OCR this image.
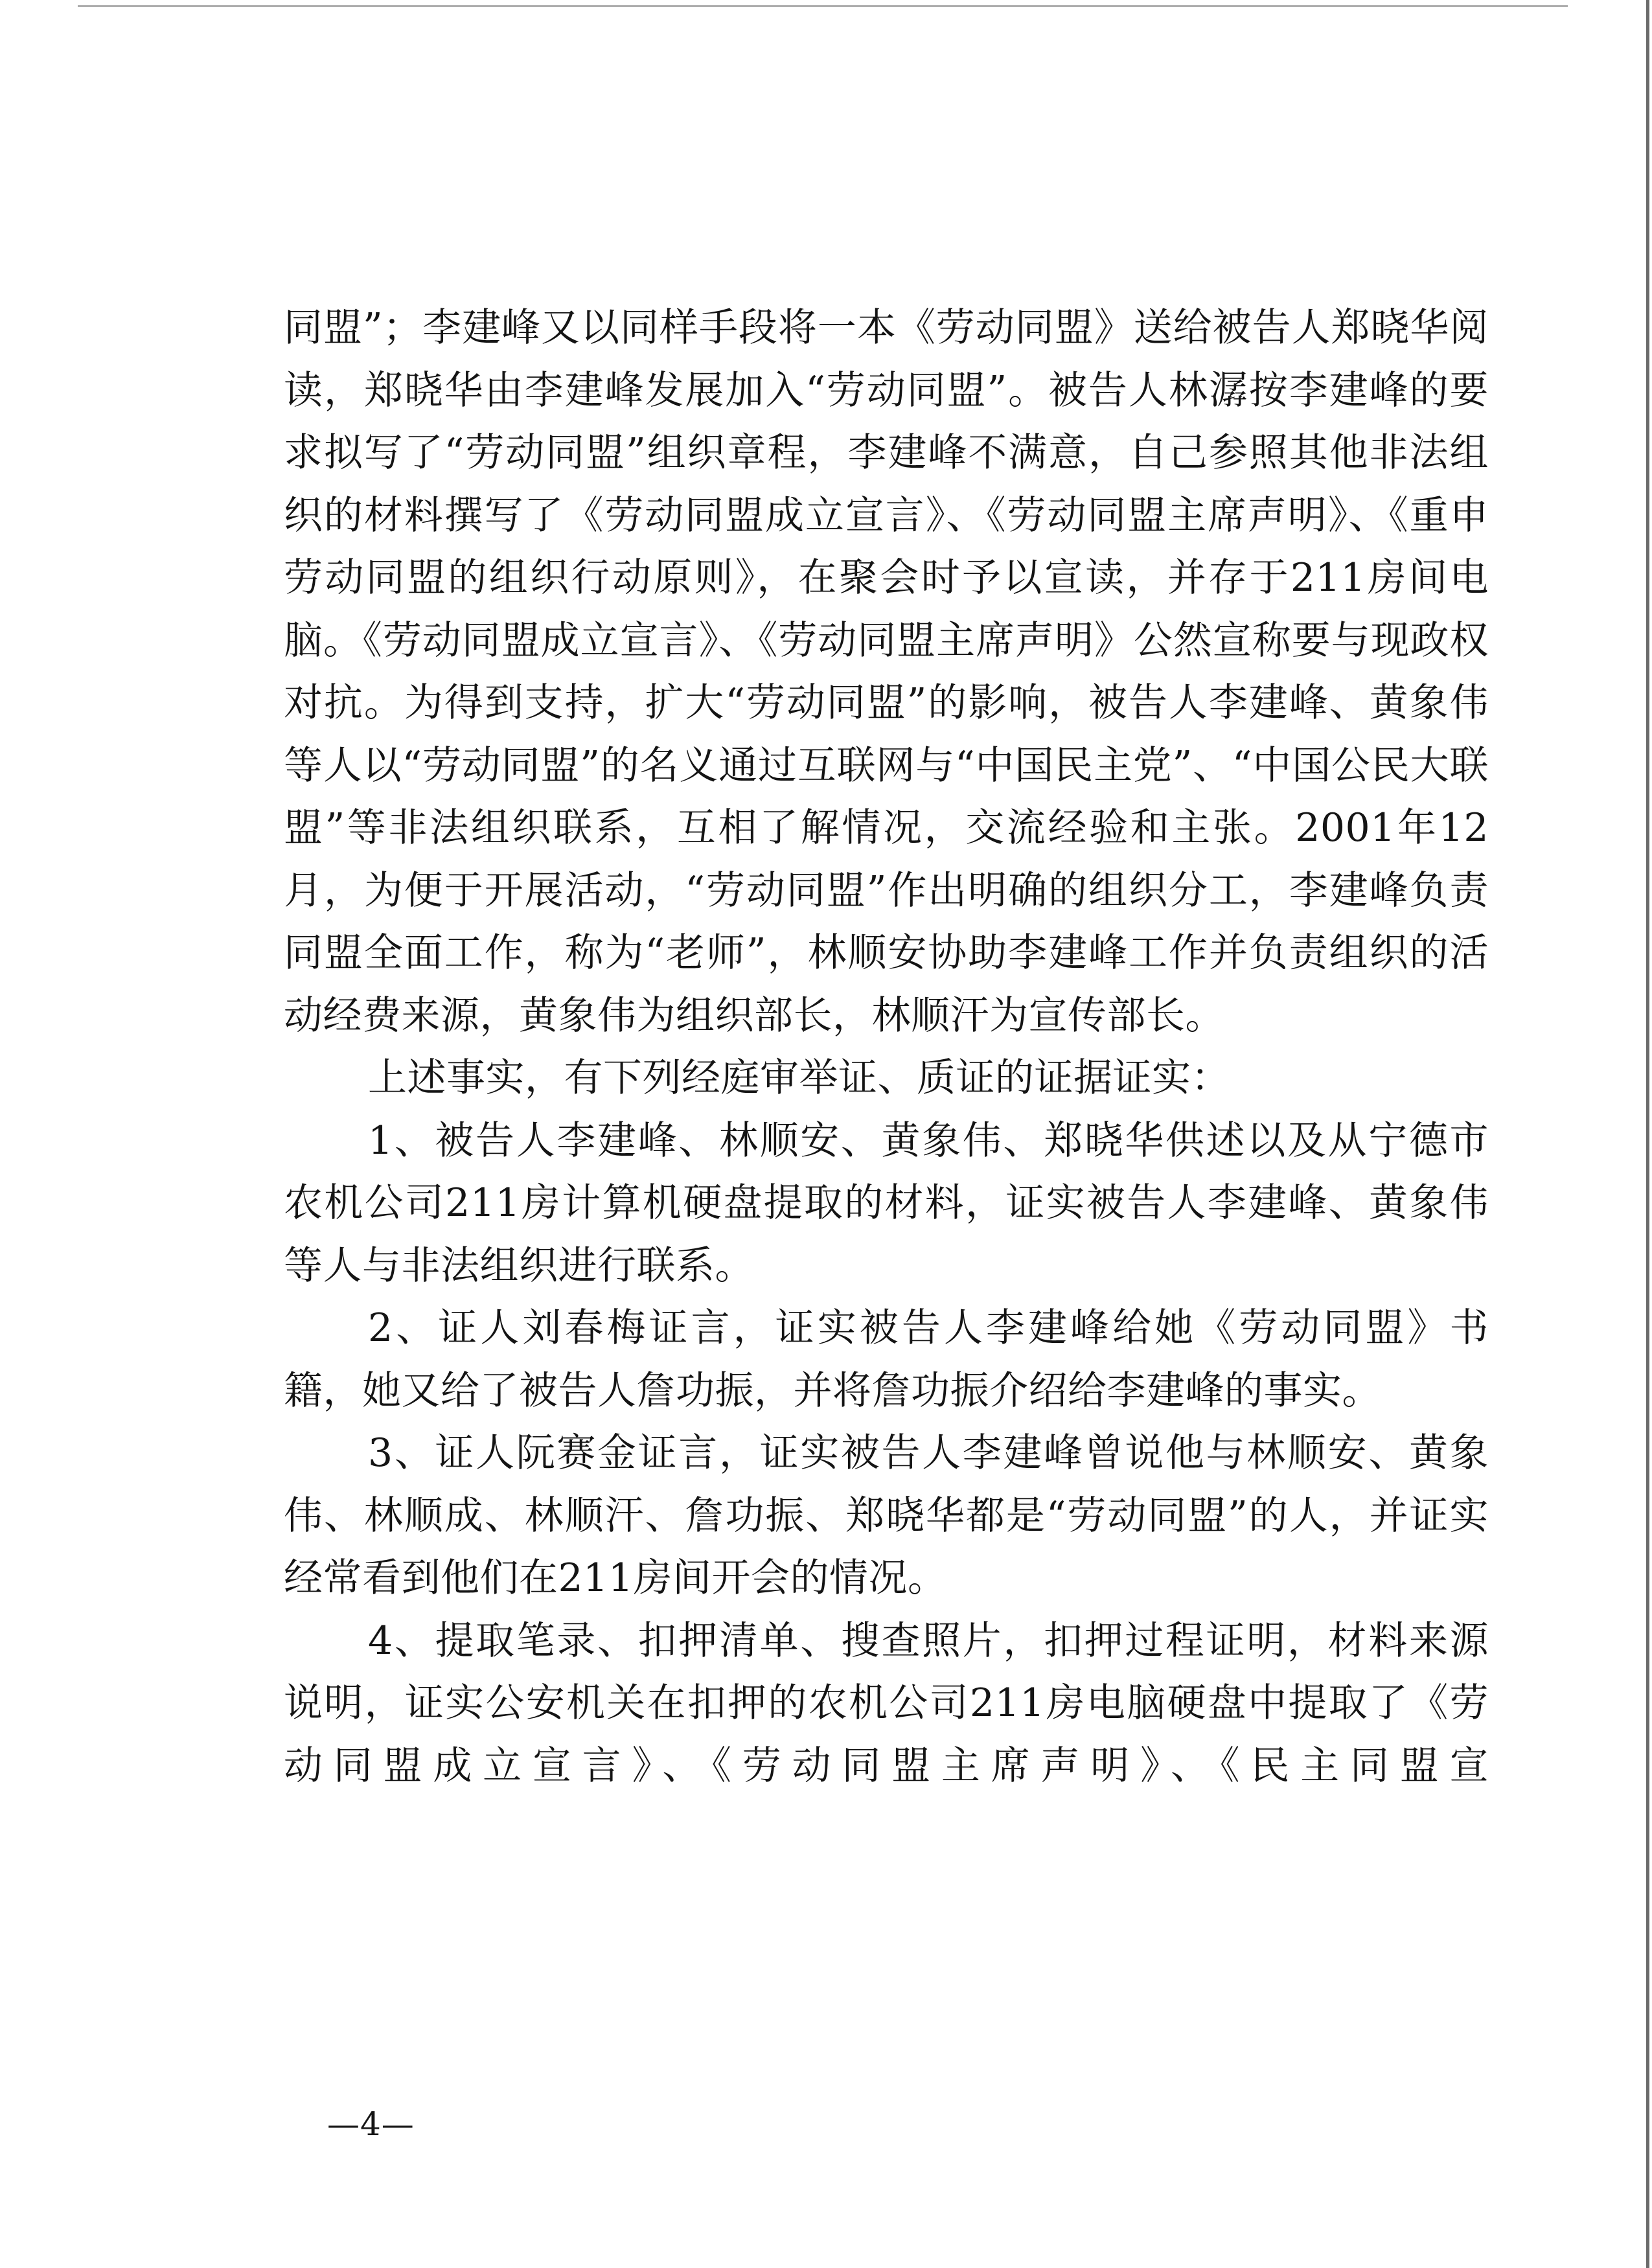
同盟”；李建峰又以同样手段将一本《劳动同盟》送给被告人郑晓华阅读，郑晓华由李建峰发展加入“劳动同盟”。被告人林潺按李建峰的要求拟写了“劳动同盟”组织章程，李建峰不满意，自己参照其他非法组织的材料撰写了《劳动同盟成立宣言》、《劳动同盟主席声明》、《重申劳动同盟的组织行动原则》，在聚会时予以宣读，并存于211房间电脑。《劳动同盟成立宣言》、《劳动同盟主席声明》公然宣称要与现政权对抗。为得到支持，扩大“劳动同盟”的影响，被告人李建峰、黄象伟等人以“劳动同盟”的名义通过互联网与“中国民主党”、“中国公民大联盟”等非法组织联系，互相了解情况，交流经验和主张。2001年12月，为便于开展活动，“劳动同盟”作出明确的组织分工，李建峰负责同盟全面工作，称为“老师”，林顺安协助李建峰工作并负责组织的活动经费来源，黄象伟为组织部长，林顺汗为宣传部长。

上述事实，有下列经庭审举证、质证的证据证实：

1、被告人李建峰、林顺安、黄象伟、郑晓华供述以及从宁德市农机公司211房计算机硬盘提取的材料，证实被告人李建峰、黄象伟等人与非法组织进行联系。

2、证人刘春梅证言，证实被告人李建峰给她《劳动同盟》书籍，她又给了被告人詹功振，并将詹功振介绍给李建峰的事实。

3、证人阮赛金证言，证实被告人李建峰曾说他与林顺安、黄象伟、林顺成、林顺汗、詹功振、郑晓华都是“劳动同盟”的人，并证实经常看到他们在211房间开会的情况。

4、提取笔录、扣押清单、搜查照片，扣押过程证明，材料来源说明，证实公安机关在扣押的农机公司211房电脑硬盘中提取了《劳动同盟成立宣言》、《劳动同盟主席声明》、《民主同盟宣

—4—
